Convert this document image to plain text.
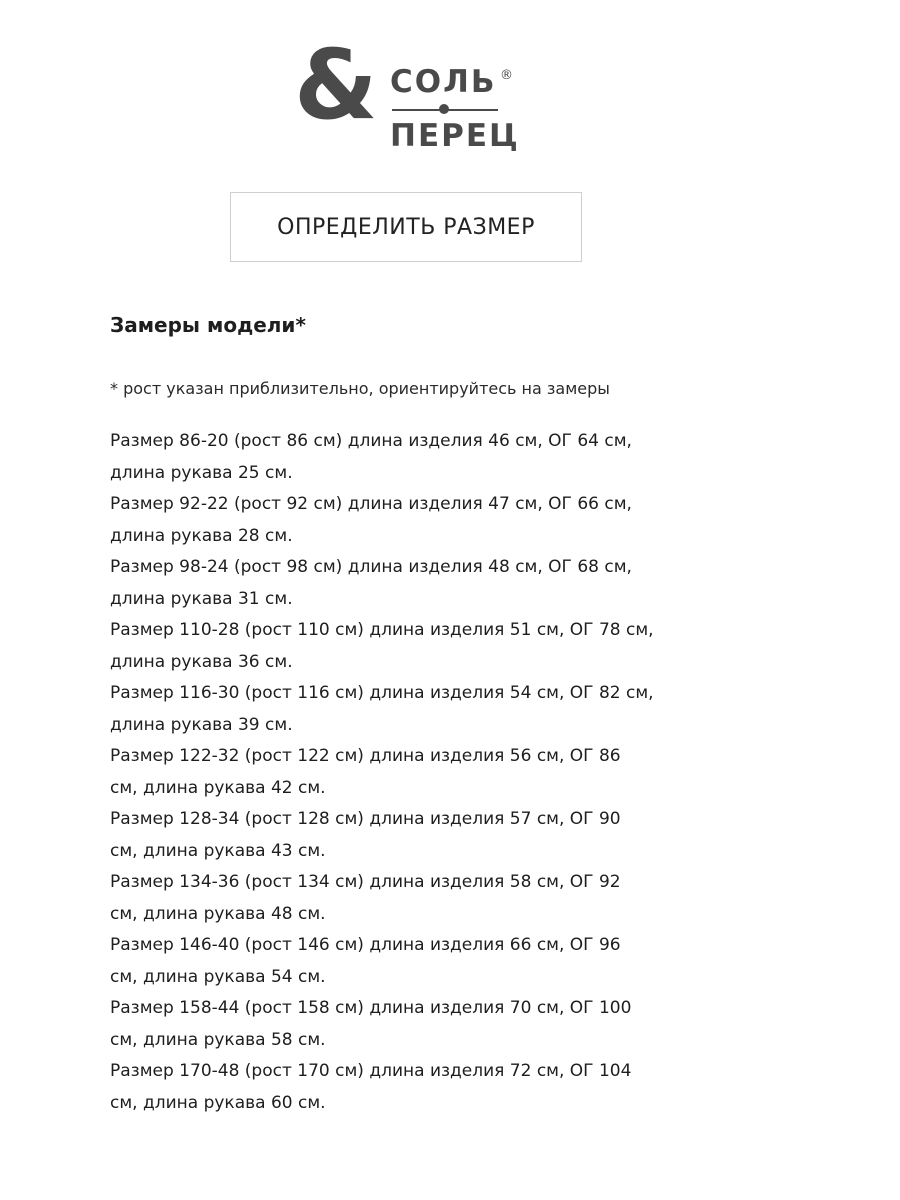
& СОЛЬ
ПЕРЕЦ
®
ОПРЕДЕЛИТЬ РАЗМЕР
Замеры модели*
* рост указан приблизительно, ориентируйтесь на замеры
Размер 86-20 (рост 86 см) длина изделия 46 см, ОГ 64 см,
длина рукава 25 см.
Размер 92-22 (рост 92 см) длина изделия 47 см, ОГ 66 см,
длина рукава 28 см.
Размер 98-24 (рост 98 см) длина изделия 48 см, ОГ 68 см,
длина рукава 31 см.
Размер 110-28 (рост 110 см) длина изделия 51 см, ОГ 78 см,
длина рукава 36 см.
Размер 116-30 (рост 116 см) длина изделия 54 см, ОГ 82 см,
длина рукава 39 см.
Размер 122-32 (рост 122 см) длина изделия 56 см, ОГ 86
см, длина рукава 42 см.
Размер 128-34 (рост 128 см) длина изделия 57 см, ОГ 90
см, длина рукава 43 см.
Размер 134-36 (рост 134 см) длина изделия 58 см, ОГ 92
см, длина рукава 48 см.
Размер 146-40 (рост 146 см) длина изделия 66 см, ОГ 96
см, длина рукава 54 см.
Размер 158-44 (рост 158 см) длина изделия 70 см, ОГ 100
см, длина рукава 58 см.
Размер 170-48 (рост 170 см) длина изделия 72 см, ОГ 104
см, длина рукава 60 см.
